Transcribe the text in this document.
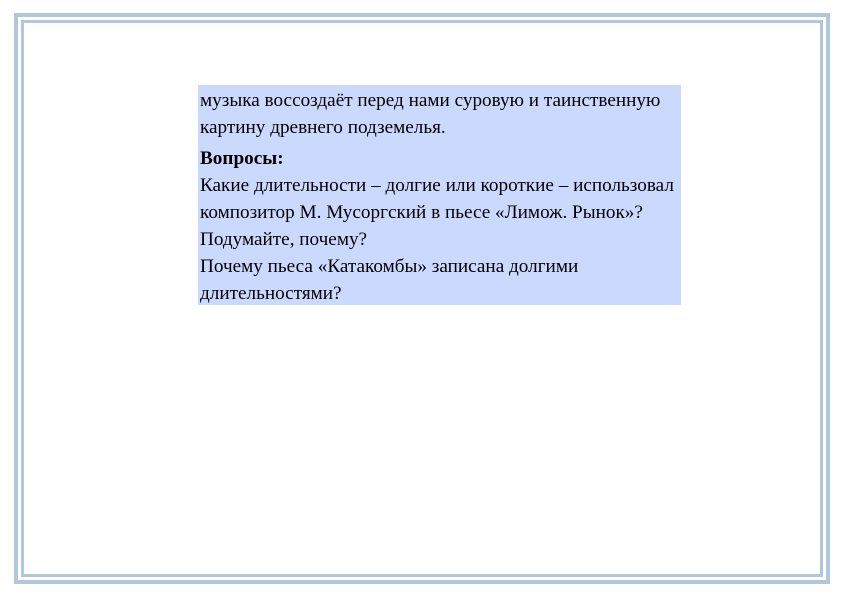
музыка воссоздаёт перед нами суровую и таинственную картину древнего подземелья.

Вопросы:

Какие длительности – долгие или короткие – использовал композитор М. Мусоргский в пьесе «Лимож. Рынок»? Подумайте, почему?

Почему пьеса «Катакомбы» записана долгими длительностями?
